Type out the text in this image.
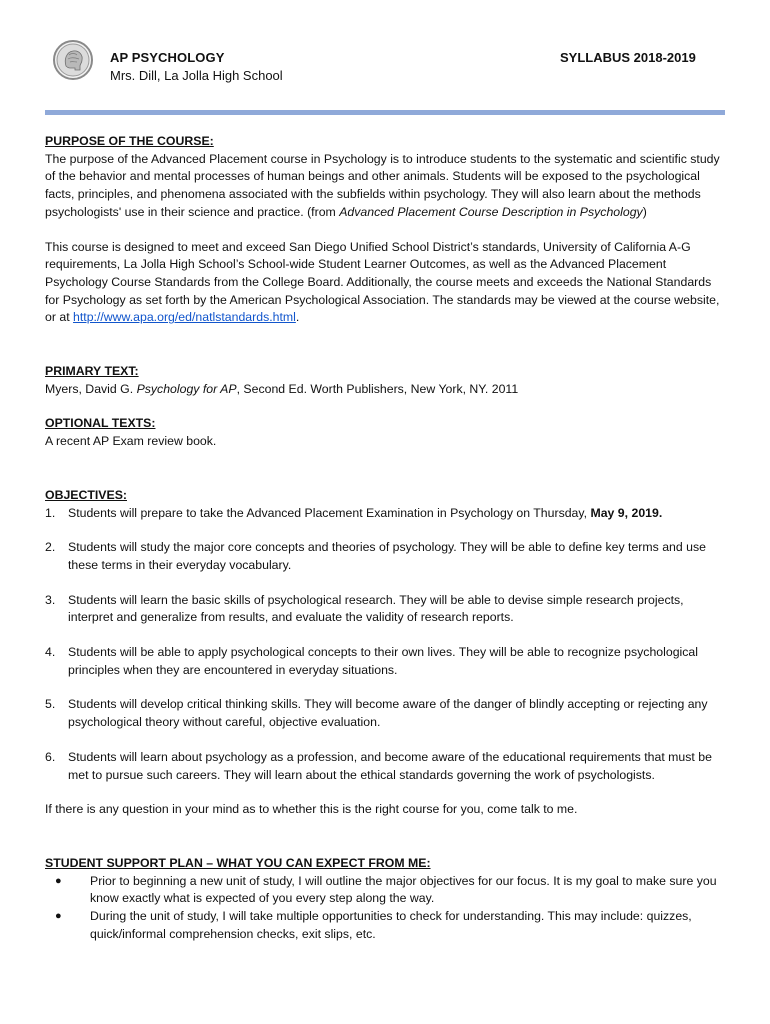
AP PSYCHOLOGY
Mrs. Dill, La Jolla High School
SYLLABUS 2018-2019

PURPOSE OF THE COURSE:

The purpose of the Advanced Placement course in Psychology is to introduce students to the systematic and scientific study of the behavior and mental processes of human beings and other animals. Students will be exposed to the psychological facts, principles, and phenomena associated with the subfields within psychology. They will also learn about the methods psychologists' use in their science and practice. (from Advanced Placement Course Description in Psychology)

This course is designed to meet and exceed San Diego Unified School District’s standards, University of California A-G requirements, La Jolla High School’s School-wide Student Learner Outcomes, as well as the Advanced Placement Psychology Course Standards from the College Board. Additionally, the course meets and exceeds the National Standards for Psychology as set forth by the American Psychological Association. The standards may be viewed at the course website, or at http://www.apa.org/ed/natlstandards.html.

PRIMARY TEXT:

Myers, David G. Psychology for AP, Second Ed. Worth Publishers, New York, NY. 2011

OPTIONAL TEXTS:

A recent AP Exam review book.

OBJECTIVES:

1. Students will prepare to take the Advanced Placement Examination in Psychology on Thursday, May 9, 2019.
2. Students will study the major core concepts and theories of psychology. They will be able to define key terms and use these terms in their everyday vocabulary.
3. Students will learn the basic skills of psychological research. They will be able to devise simple research projects, interpret and generalize from results, and evaluate the validity of research reports.
4. Students will be able to apply psychological concepts to their own lives. They will be able to recognize psychological principles when they are encountered in everyday situations.
5. Students will develop critical thinking skills. They will become aware of the danger of blindly accepting or rejecting any psychological theory without careful, objective evaluation.
6. Students will learn about psychology as a profession, and become aware of the educational requirements that must be met to pursue such careers. They will learn about the ethical standards governing the work of psychologists.

If there is any question in your mind as to whether this is the right course for you, come talk to me.

STUDENT SUPPORT PLAN – WHAT YOU CAN EXPECT FROM ME:

● Prior to beginning a new unit of study, I will outline the major objectives for our focus. It is my goal to make sure you know exactly what is expected of you every step along the way.
● During the unit of study, I will take multiple opportunities to check for understanding. This may include: quizzes, quick/informal comprehension checks, exit slips, etc.
